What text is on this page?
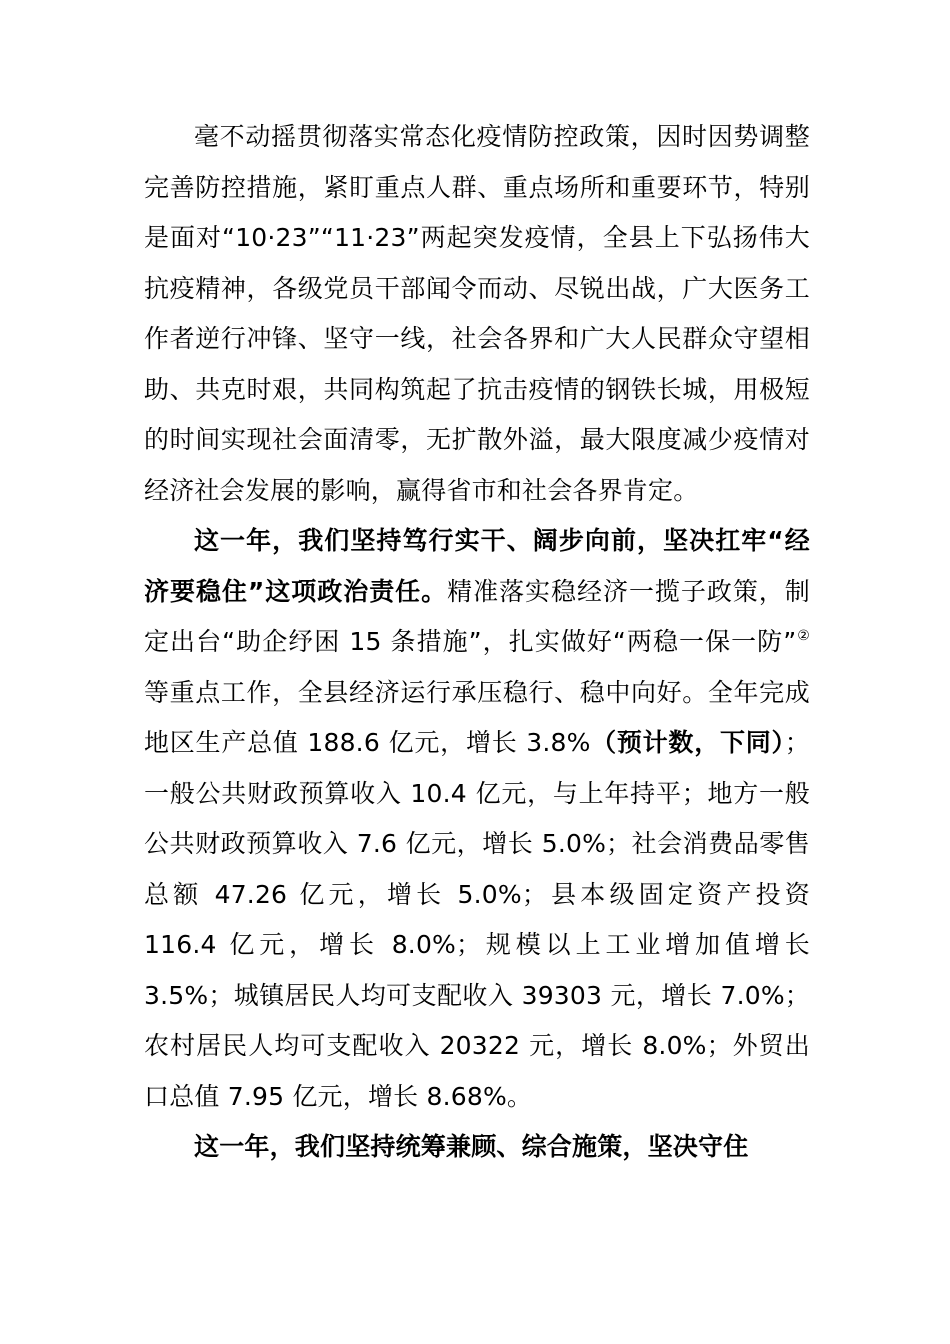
毫不动摇贯彻落实常态化疫情防控政策，因时因势调整完善防控措施，紧盯重点人群、重点场所和重要环节，特别是面对“10·23”“11·23”两起突发疫情，全县上下弘扬伟大抗疫精神，各级党员干部闻令而动、尽锐出战，广大医务工作者逆行冲锋、坚守一线，社会各界和广大人民群众守望相助、共克时艰，共同构筑起了抗击疫情的钢铁长城，用极短的时间实现社会面清零，无扩散外溢，最大限度减少疫情对经济社会发展的影响，赢得省市和社会各界肯定。

这一年，我们坚持笃行实干、阔步向前，坚决扛牢“经济要稳住”这项政治责任。精准落实稳经济一揽子政策，制定出台“助企纾困 15 条措施”，扎实做好“两稳一保一防”②等重点工作，全县经济运行承压稳行、稳中向好。全年完成地区生产总值 188.6 亿元，增长 3.8%（预计数，下同）；一般公共财政预算收入 10.4 亿元，与上年持平；地方一般公共财政预算收入 7.6 亿元，增长 5.0%；社会消费品零售总额 47.26 亿元，增长 5.0%；县本级固定资产投资 116.4 亿元，增长 8.0%；规模以上工业增加值增长 3.5%；城镇居民人均可支配收入 39303 元，增长 7.0%；农村居民人均可支配收入 20322 元，增长 8.0%；外贸出口总值 7.95 亿元，增长 8.68%。

这一年，我们坚持统筹兼顾、综合施策，坚决守住
